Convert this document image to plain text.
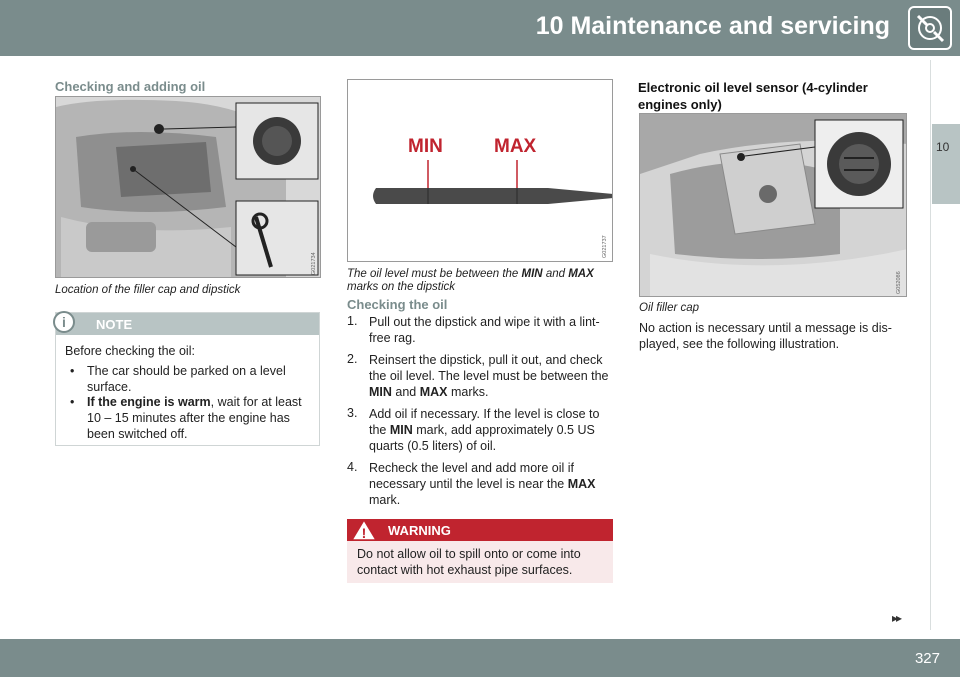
10 Maintenance and servicing
10
Checking and adding oil
G021734
Location of the filler cap and dipstick
i	NOTE
Before checking the oil:
• The car should be parked on a level surface.
• If the engine is warm, wait for at least 10 – 15 minutes after the engine has been switched off.
MIN	MAX
G021737
The oil level must be between the MIN and MAX
marks on the dipstick
Checking the oil
1. Pull out the dipstick and wipe it with a lint-free rag.
2. Reinsert the dipstick, pull it out, and check the oil level. The level must be between the MIN and MAX marks.
3. Add oil if necessary. If the level is close to the MIN mark, add approximately 0.5 US quarts (0.5 liters) of oil.
4. Recheck the level and add more oil if necessary until the level is near the MAX mark.
! WARNING
Do not allow oil to spill onto or come into contact with hot exhaust pipe surfaces.
Electronic oil level sensor (4-cylinder engines only)
G052086
Oil filler cap
No action is necessary until a message is dis-played, see the following illustration.
▸▸
327
